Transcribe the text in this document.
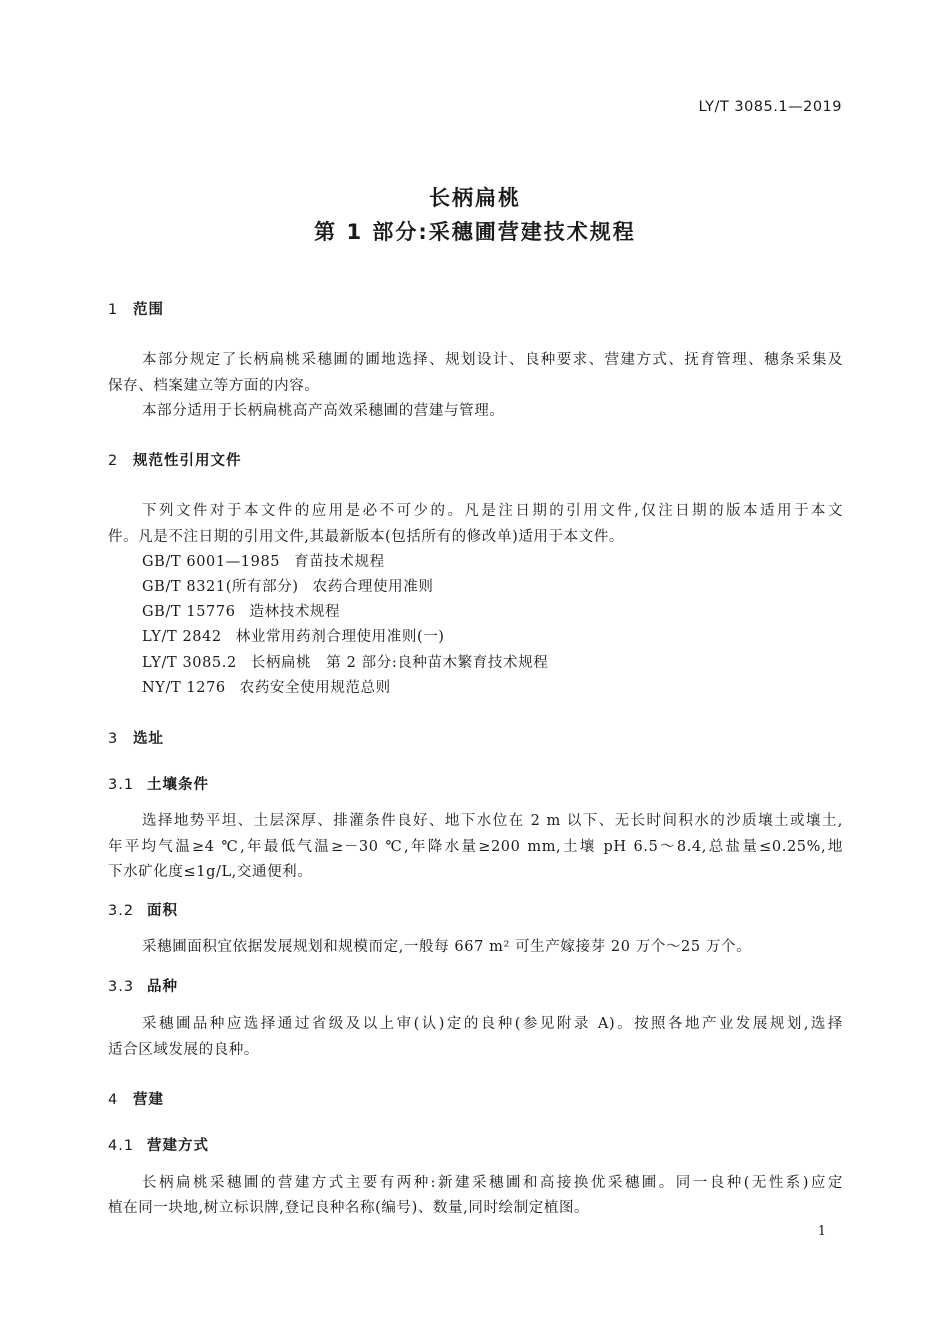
LY/T 3085.1—2019
长柄扁桃
第 1 部分:采穗圃营建技术规程
1 范围
本部分规定了长柄扁桃采穗圃的圃地选择、规划设计、良种要求、营建方式、抚育管理、穗条采集及
保存、档案建立等方面的内容。
本部分适用于长柄扁桃高产高效采穗圃的营建与管理。
2 规范性引用文件
下列文件对于本文件的应用是必不可少的。凡是注日期的引用文件,仅注日期的版本适用于本文
件。凡是不注日期的引用文件,其最新版本(包括所有的修改单)适用于本文件。
GB/T 6001—1985 育苗技术规程
GB/T 8321(所有部分) 农药合理使用准则
GB/T 15776 造林技术规程
LY/T 2842 林业常用药剂合理使用准则(一)
LY/T 3085.2 长柄扁桃　第 2 部分:良种苗木繁育技术规程
NY/T 1276 农药安全使用规范总则
3 选址
3.1 土壤条件
选择地势平坦、土层深厚、排灌条件良好、地下水位在 2 m 以下、无长时间积水的沙质壤土或壤土,
年平均气温≥4 ℃,年最低气温≥－30 ℃,年降水量≥200 mm,土壤 pH 6.5～8.4,总盐量≤0.25%,地
下水矿化度≤1g/L,交通便利。
3.2 面积
采穗圃面积宜依据发展规划和规模而定,一般每 667 m² 可生产嫁接芽 20 万个～25 万个。
3.3 品种
采穗圃品种应选择通过省级及以上审(认)定的良种(参见附录 A)。按照各地产业发展规划,选择
适合区域发展的良种。
4 营建
4.1 营建方式
长柄扁桃采穗圃的营建方式主要有两种:新建采穗圃和高接换优采穗圃。同一良种(无性系)应定
植在同一块地,树立标识牌,登记良种名称(编号)、数量,同时绘制定植图。
1
